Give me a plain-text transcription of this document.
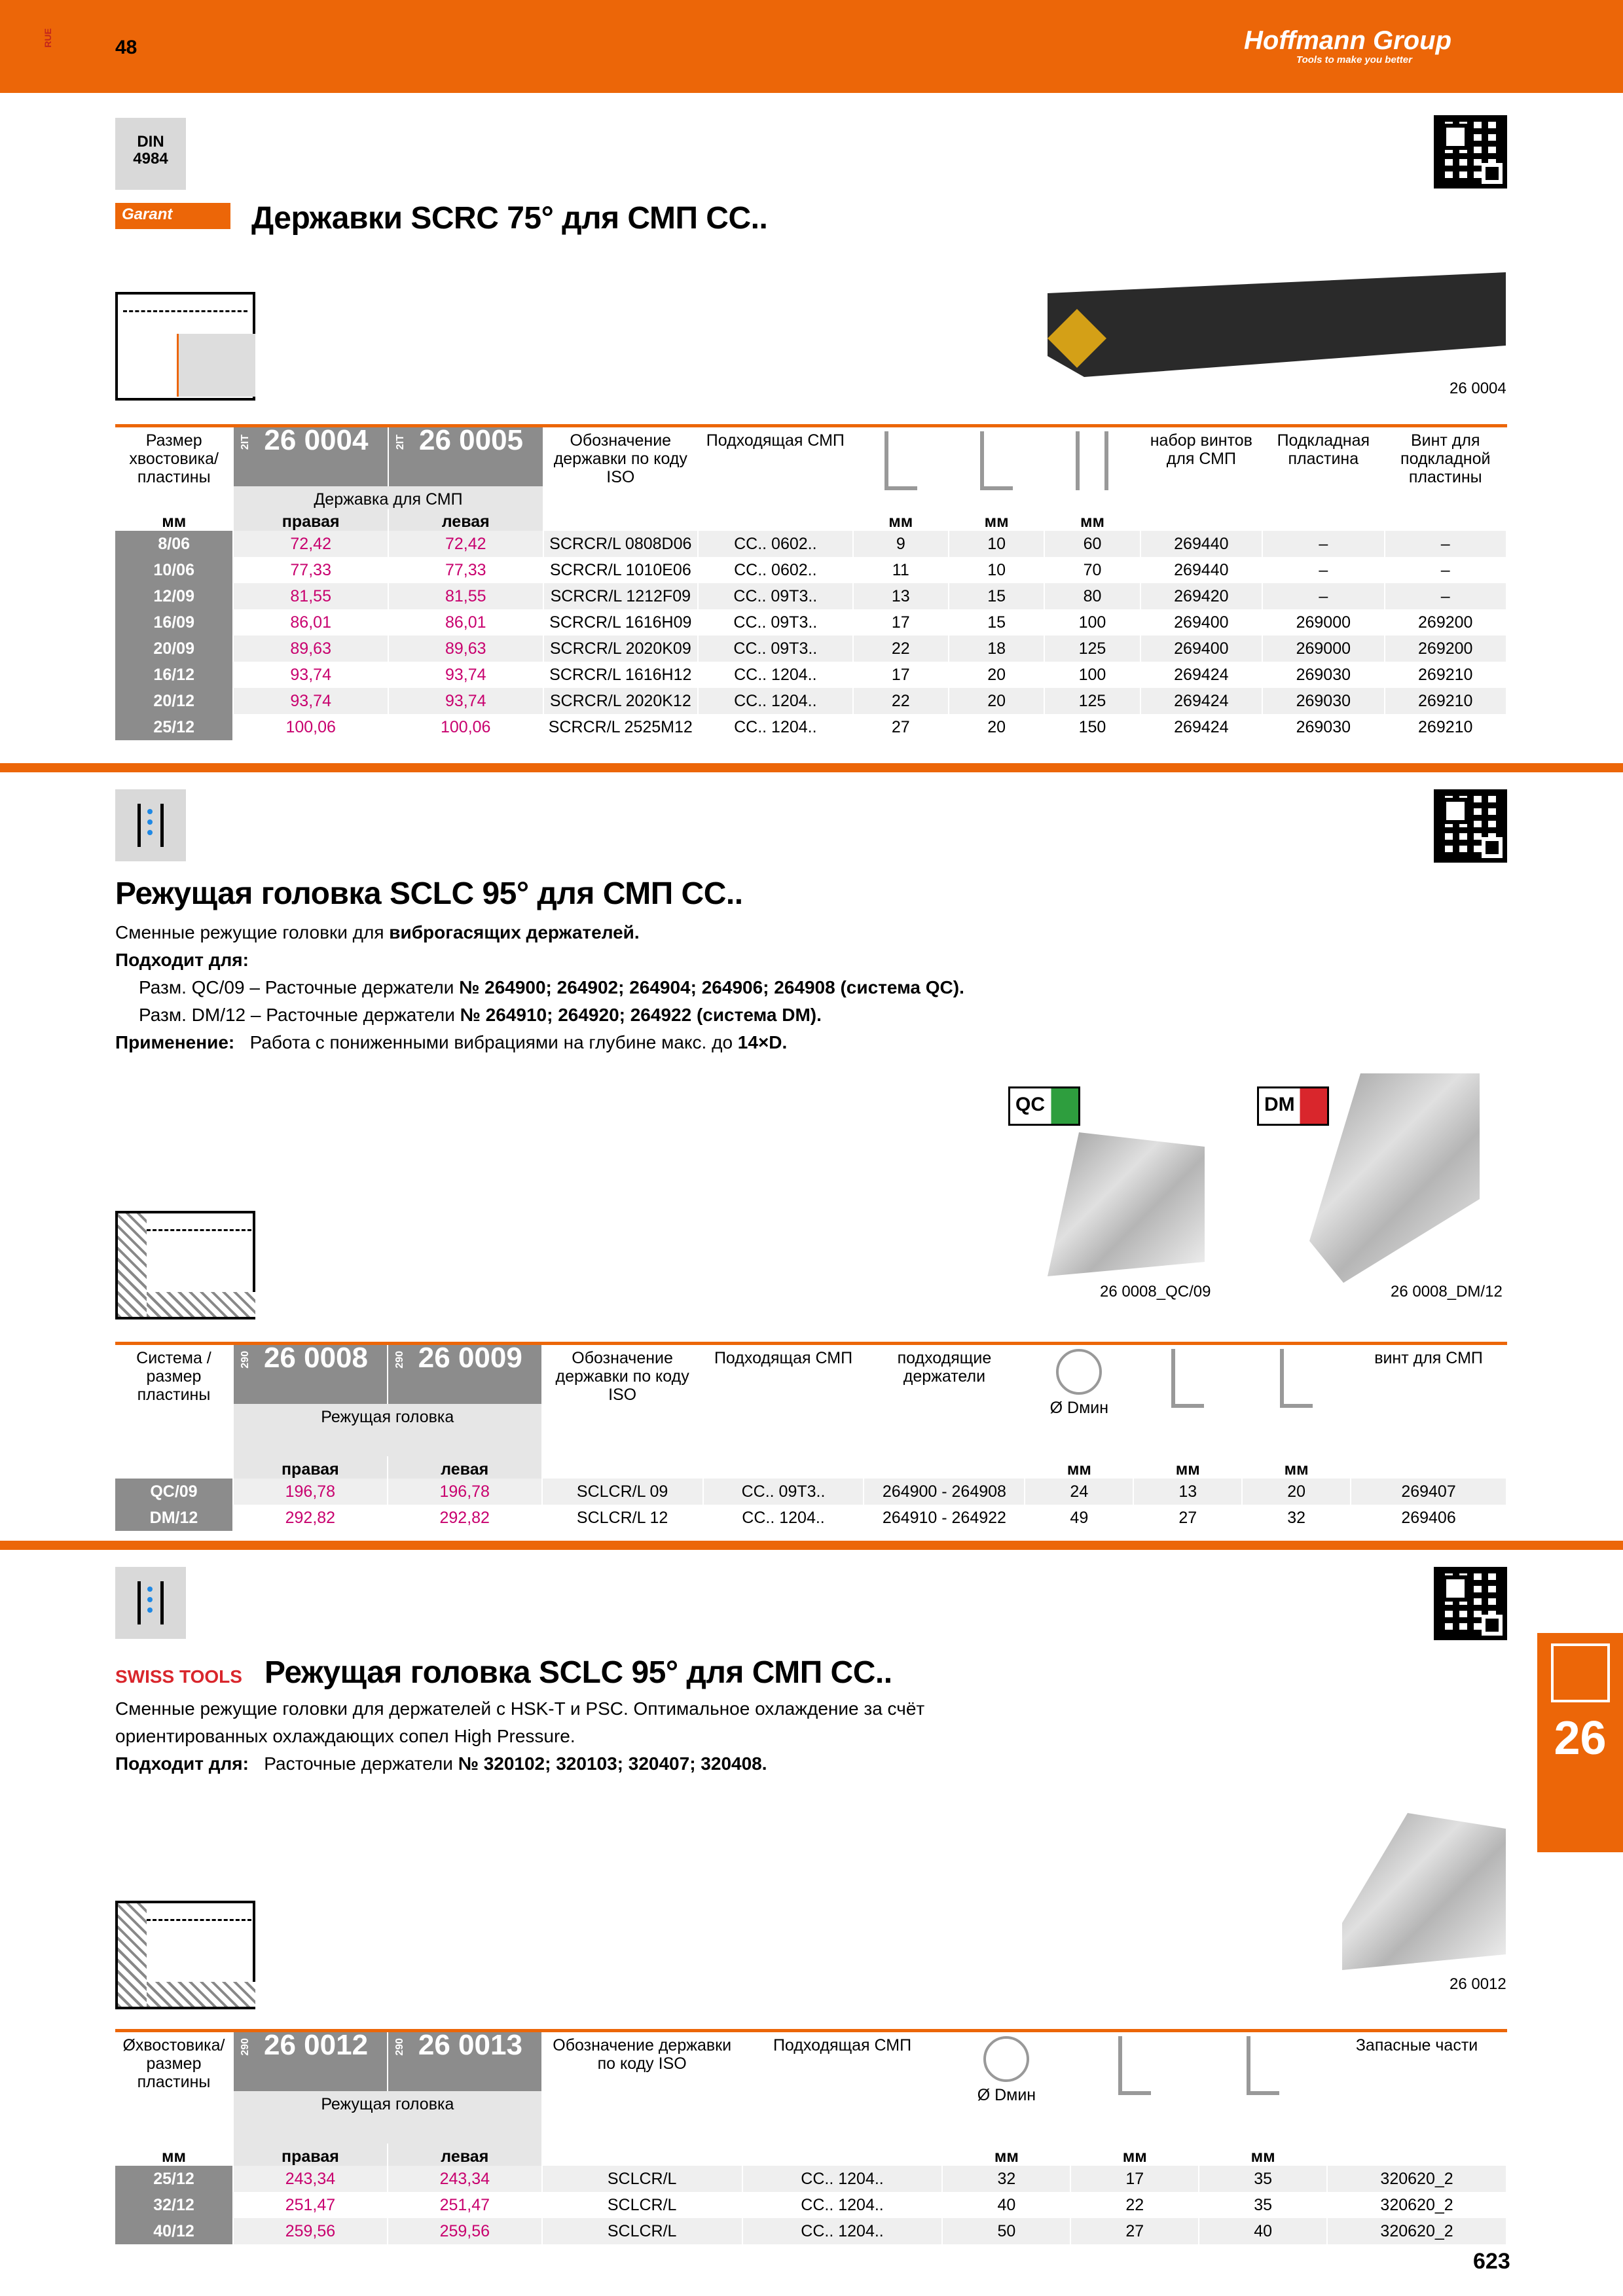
RUE	48	Hoffmann Group
Tools to make you better
DIN
4984
Garant	Державки SCRC 75° для СМП CC..
26 0004
Размер хвостовика/ пластины	2IT 26 0004	2IT 26 0005	Обозначение державки по коду ISO	Подходящая СМП				набор винтов для СМП	Подкладная пластина	Винт для подкладной пластины
	Державка для СМП									
мм	правая	левая			мм	мм	мм			
8/06	72,42	72,42	SCRCR/L 0808D06	CC.. 0602..	9	10	60	269440	–	–
10/06	77,33	77,33	SCRCR/L 1010E06	CC.. 0602..	11	10	70	269440	–	–
12/09	81,55	81,55	SCRCR/L 1212F09	CC.. 09T3..	13	15	80	269420	–	–
16/09	86,01	86,01	SCRCR/L 1616H09	CC.. 09T3..	17	15	100	269400	269000	269200
20/09	89,63	89,63	SCRCR/L 2020K09	CC.. 09T3..	22	18	125	269400	269000	269200
16/12	93,74	93,74	SCRCR/L 1616H12	CC.. 1204..	17	20	100	269424	269030	269210
20/12	93,74	93,74	SCRCR/L 2020K12	CC.. 1204..	22	20	125	269424	269030	269210
25/12	100,06	100,06	SCRCR/L 2525M12	CC.. 1204..	27	20	150	269424	269030	269210
Режущая головка SCLC 95° для СМП CC..
Сменные режущие головки для виброгасящих держателей.
Подходит для:
Разм. QC/09 – Расточные держатели № 264900; 264902; 264904; 264906; 264908 (система QC).
Разм. DM/12 – Расточные держатели № 264910; 264920; 264922 (система DM).
Применение: Работа с пониженными вибрациями на глубине макс. до 14×D.
QC	DM
26 0008_QC/09	26 0008_DM/12
Система / размер пластины	290 26 0008	290 26 0009	Обозначение державки по коду ISO	Подходящая СМП	подходящие держатели	Ø Dмин			винт для СМП
	Режущая головка								
	правая	левая				мм	мм	мм	
QC/09	196,78	196,78	SCLCR/L 09	CC.. 09T3..	264900 - 264908	24	13	20	269407
DM/12	292,82	292,82	SCLCR/L 12	CC.. 1204..	264910 - 264922	49	27	32	269406
SWISS TOOLS Режущая головка SCLC 95° для СМП CC..
Сменные режущие головки для держателей с HSK-T и PSC. Оптимальное охлаждение за счёт
ориентированных охлаждающих сопел High Pressure.
Подходит для: Расточные держатели № 320102; 320103; 320407; 320408.	26
26 0012
Øхвостовика/ размер пластины	290 26 0012	290 26 0013	Обозначение державки по коду ISO	Подходящая СМП	Ø Dмин			Запасные части
	Режущая головка							
мм	правая	левая			мм	мм	мм	
25/12	243,34	243,34	SCLCR/L	CC.. 1204..	32	17	35	320620_2
32/12	251,47	251,47	SCLCR/L	CC.. 1204..	40	22	35	320620_2
40/12	259,56	259,56	SCLCR/L	CC.. 1204..	50	27	40	320620_2
623
